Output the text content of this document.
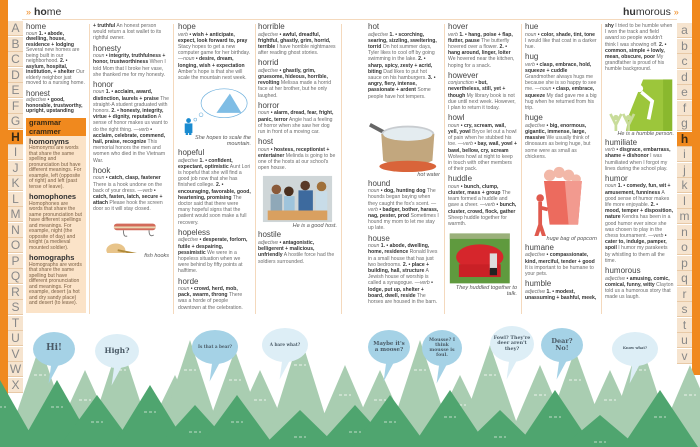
A
B
C
D
E
F
G
H
I
J
K
L
M
N
O
P
Q
R
S
T
U
V
W
X
a
b
c
d
e
f
g
h
i
j
k
l
m
n
o
p
q
r
s
t
u
v
» home	humorous »
home
noun 1. • abode, dwelling, house, residence + lodging Several new homes are being built in our neighborhood. 2. • asylum, hospital, institution, + shelter Our elderly neighbor just moved to a nursing home.
honest
adjective • good, honorable, trustworthy, upright, upstanding
grammar crammer
homonyms
Homonyms are words that share the same spelling and pronunciation but have different meanings. For example, left (opposite of right) and left (past tense of leave).
homophones
Homophones are words that share the same pronunciation but have different spellings and meanings. For example, night (the opposite of day) and knight (a medieval mounted soldier).
homographs
Homographs are words that share the same spelling but have different pronunciation and meanings. For example, desert (a hot and dry sandy place) and desert (to leave).
+ truthful An honest person would return a lost wallet to its rightful owner.
honesty
noun • integrity, truthfulness + honor, trustworthiness When I told Mom that I broke her vase, she thanked me for my honesty.
honor
noun 1. • acclaim, award, distinction, laurels + praise The straight-A student graduated with honors. 2. • honesty, integrity, virtue + dignity, reputation A sense of honor makes us want to do the right thing. —verb • acclaim, celebrate, commend, hail, praise, recognize This memorial honors the men and women who died in the Vietnam War.
hook
noun • catch, clasp, fastener There is a hook undone on the back of your dress. —verb • catch, fasten, latch, secure + attach Please hook the screen door so it will stay closed.
fish hooks
hope
verb • wish + anticipate, expect, look forward to, pray Stacy hopes to get a new computer game for her birthday. —noun • desire, dream, longing, wish + expectation Amber's hope is that she will scale the mountain next week.
She hopes to scale the mountain.
hopeful
adjective 1. • confident, expectant, optimistic Aunt Lori is hopeful that she will find a good job now that she has finished college. 2. • encouraging, favorable, good, heartening, promising The doctor said that there were many hopeful signs that the patient would soon make a full recovery.
hopeless
adjective • desperate, forlorn, futile + despairing, pessimistic We were in a hopeless situation when we were behind by fifty points at halftime.
horde
noun • crowd, herd, mob, pack, swarm, throng There was a horde of people downtown at the celebration.
horrible
adjective • awful, dreadful, frightful, ghastly, grim, horrid, terrible I have horrible nightmares after reading ghost stories.
horrid
adjective • ghastly, grim, gruesome, hideous, horrible, revolting Melissa made a horrid face at her brother, but he only laughed.
horror
noun • alarm, dread, fear, fright, panic, terror Angie had a feeling of horror when she saw her dog run in front of a moving car.
host
noun • hostess, receptionist + entertainer Melinda is going to be one of the hosts at our school's open house.
He is a good host.
hostile
adjective • antagonistic, belligerent + malicious, unfriendly A hostile force had the soldiers surrounded.
hot
adjective 1. • scorching, searing, sizzling, sweltering, torrid On hot summer days, Tyler likes to cool off by going swimming in the lake. 2. • sharp, spicy, zesty + acrid, biting Dad likes to put hot sauce on his hamburgers. 3. • angry, fiery, intense, passionate + ardent Some people have hot tempers.
hot water
hound
noun • dog, hunting dog The hounds began baying when they caught the fox's scent. —verb • badger, bother, harass, nag, pester, prod Sometimes I hound my mom to let me stay up late.
house
noun 1. • abode, dwelling, home, residence Ronald lives in a small house that has just two bedrooms. 2. • place + building, hall, structure A Jewish house of worship is called a synagogue. —verb • lodge, put up, shelter + board, dwell, reside The horses are housed in the barn.
hover
verb 1. • hang, poise + flap, flutter, pause The butterfly hovered over a flower. 2. • hang around, linger, loiter We hovered near the kitchen, hoping for a snack.
however
conjunction • but, nevertheless, still, yet + though My library book is not due until next week. However, I plan to return it today.
howl
noun • cry, scream, wail, yell, yowl Bryce let out a howl of pain when he stubbed his toe. —verb • bay, wail, yowl + bawl, bellow, cry, scream Wolves howl at night to keep in touch with other members of their pack.
huddle
noun • bunch, clump, cluster, mass + group The team formed a huddle and gave a cheer. —verb • bunch, cluster, crowd, flock, gather Sheep huddle together for warmth.
They huddled together to talk.
hue
noun • color, shade, tint, tone I would like that coat in a darker hue.
hug
verb • clasp, embrace, hold, squeeze + cuddle Grandmother always hugs me because she is so happy to see me. —noun • clasp, embrace, squeeze My dad gave me a big hug when he returned from his trip.
huge
adjective • big, enormous, gigantic, immense, large, massive We usually think of dinosaurs as being huge, but some were as small as chickens.
huge bag of popcorn
humane
adjective • compassionate, kind, merciful, tender + good It is important to be humane to your pets.
humble
adjective 1. • modest, unassuming + bashful, meek,
shy I tried to be humble when I won the track and field award so people wouldn't think I was showing off. 2. • common, simple + lowly, mean, obscure, poor My grandfather is proud of his humble background.
He is a humble person.
humiliate
verb • disgrace, embarrass, shame + dishonor I was humiliated when I forgot my lines during the school play.
humor
noun 1. • comedy, fun, wit + amusement, funniness A good sense of humor makes life more enjoyable. 2. • mood, temper + disposition, nature Kendra has been in a good humor ever since she was chosen to play in the chess tournament. —verb • cater to, indulge, pamper, spoil I humor my parakeets by whistling to them all the time.
humorous
adjective • amusing, comic, comical, funny, witty Clayton told us a humorous story that made us laugh.
Hi!	High?	Is that a bear?	A bare what?	Maybe it's a moose?
Mousse? I think mousse is foul.
Fowl? They're deer aren't they?
Dear? No!	Know what?
